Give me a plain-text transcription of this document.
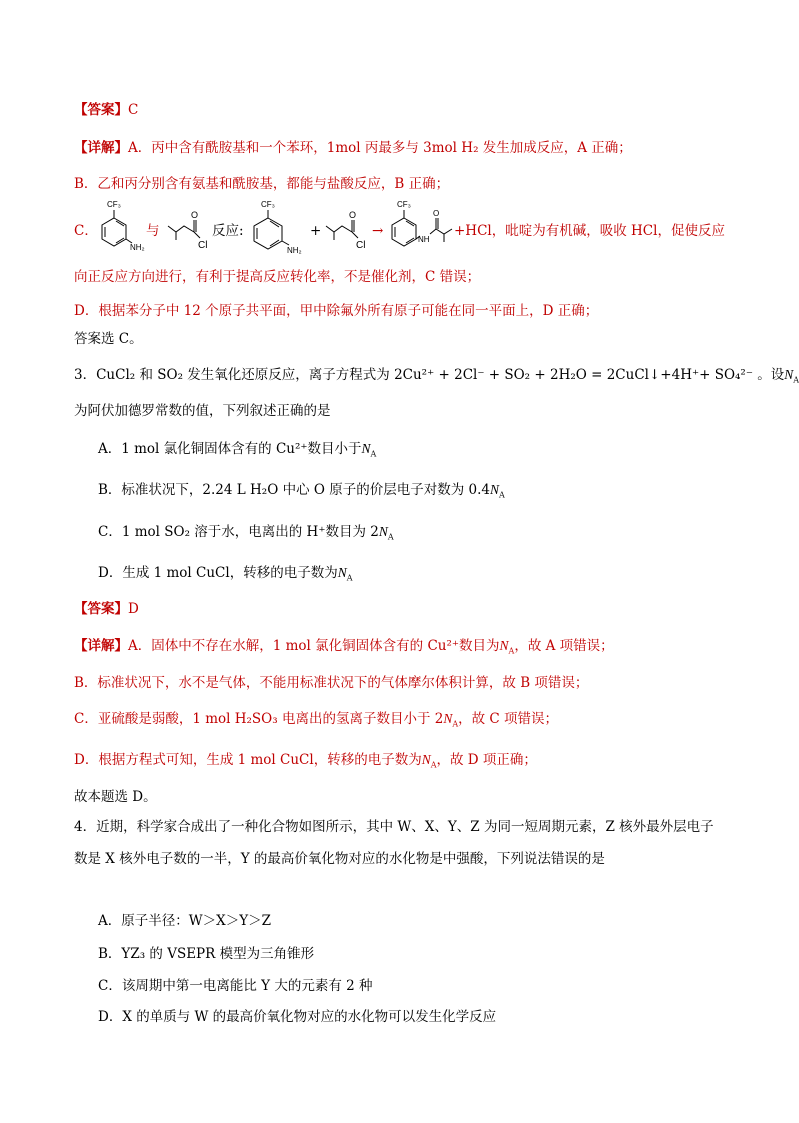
【答案】C
【详解】A．丙中含有酰胺基和一个苯环，1mol 丙最多与 3mol H₂ 发生加成反应，A 正确；
B．乙和丙分别含有氨基和酰胺基，都能与盐酸反应，B 正确；
C．
CF₃
NH₂
与
O
Cl
反应:
CF₃
NH₂
+
O
Cl
→
CF₃
O
NH
+HCl，吡啶为有机碱，吸收 HCl，促使反应
向正反应方向进行，有利于提高反应转化率，不是催化剂，C 错误；
D．根据苯分子中 12 个原子共平面，甲中除氟外所有原子可能在同一平面上，D 正确；
答案选 C。
3．CuCl₂ 和 SO₂ 发生氧化还原反应，离子方程式为 2Cu²⁺ + 2Cl⁻ + SO₂ + 2H₂O = 2CuCl↓+4H⁺+ SO₄²⁻ 。设$N_A$
为阿伏加德罗常数的值，下列叙述正确的是
A．1 mol 氯化铜固体含有的 Cu²⁺数目小于$N_A$
B．标准状况下，2.24 L H₂O 中心 O 原子的价层电子对数为 $0.4N_A$
C．1 mol SO₂ 溶于水，电离出的 H⁺数目为 $2N_A$
D．生成 1 mol CuCl，转移的电子数为$N_A$
【答案】D
【详解】A．固体中不存在水解，1 mol 氯化铜固体含有的 Cu²⁺数目为$N_A$，故 A 项错误；
B．标准状况下，水不是气体，不能用标准状况下的气体摩尔体积计算，故 B 项错误；
C．亚硫酸是弱酸，1 mol H₂SO₃ 电离出的氢离子数目小于 $2N_A$，故 C 项错误；
D．根据方程式可知，生成 1 mol CuCl，转移的电子数为$N_A$，故 D 项正确；
故本题选 D。
4．近期，科学家合成出了一种化合物如图所示，其中 W、X、Y、Z 为同一短周期元素，Z 核外最外层电子
数是 X 核外电子数的一半，Y 的最高价氧化物对应的水化物是中强酸，下列说法错误的是
A．原子半径：W＞X＞Y＞Z
B．YZ₃ 的 VSEPR 模型为三角锥形
C．该周期中第一电离能比 Y 大的元素有 2 种
D．X 的单质与 W 的最高价氧化物对应的水化物可以发生化学反应
